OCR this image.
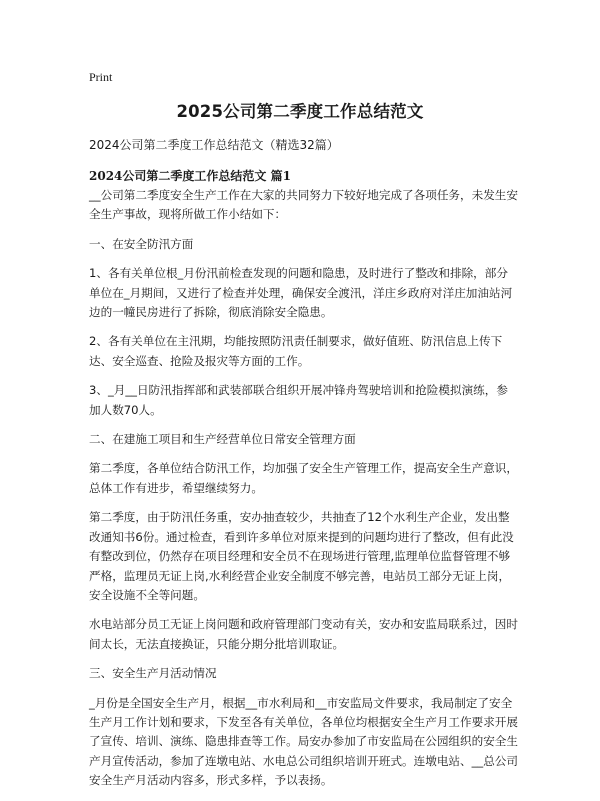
Print
2025公司第二季度工作总结范文
2024公司第二季度工作总结范文（精选32篇）
2024公司第二季度工作总结范文 篇1

__公司第二季度安全生产工作在大家的共同努力下较好地完成了各项任务，未发生安全生产事故，现将所做工作小结如下：

一、在安全防汛方面

1、各有关单位根_月份汛前检查发现的问题和隐患，及时进行了整改和排除，部分单位在_月期间，又进行了检查并处理，确保安全渡汛，洋庄乡政府对洋庄加油站河边的一幢民房进行了拆除，彻底消除安全隐患。

2、各有关单位在主汛期，均能按照防汛责任制要求，做好值班、防汛信息上传下达、安全巡查、抢险及报灾等方面的工作。

3、_月__日防汛指挥部和武装部联合组织开展冲锋舟驾驶培训和抢险模拟演练，参加人数70人。

二、在建施工项目和生产经营单位日常安全管理方面

第二季度，各单位结合防汛工作，均加强了安全生产管理工作，提高安全生产意识，总体工作有进步，希望继续努力。

第二季度，由于防汛任务重，安办抽查较少，共抽查了12个水利生产企业，发出整改通知书6份。通过检查，看到许多单位对原来提到的问题均进行了整改，但有此没有整改到位，仍然存在项目经理和安全员不在现场进行管理,监理单位监督管理不够严格，监理员无证上岗,水利经营企业安全制度不够完善，电站员工部分无证上岗，安全设施不全等问题。

水电站部分员工无证上岗问题和政府管理部门变动有关，安办和安监局联系过，因时间太长，无法直接换证，只能分期分批培训取证。

三、安全生产月活动情况

_月份是全国安全生产月，根据__市水利局和__市安监局文件要求，我局制定了安全生产月工作计划和要求，下发至各有关单位，各单位均根据安全生产月工作要求开展了宣传、培训、演练、隐患排查等工作。局安办参加了市安监局在公园组织的安全生产月宣传活动，参加了连墩电站、水电总公司组织培训开班式。连墩电站、__总公司安全生产月活动内容多，形式多样，予以表扬。
